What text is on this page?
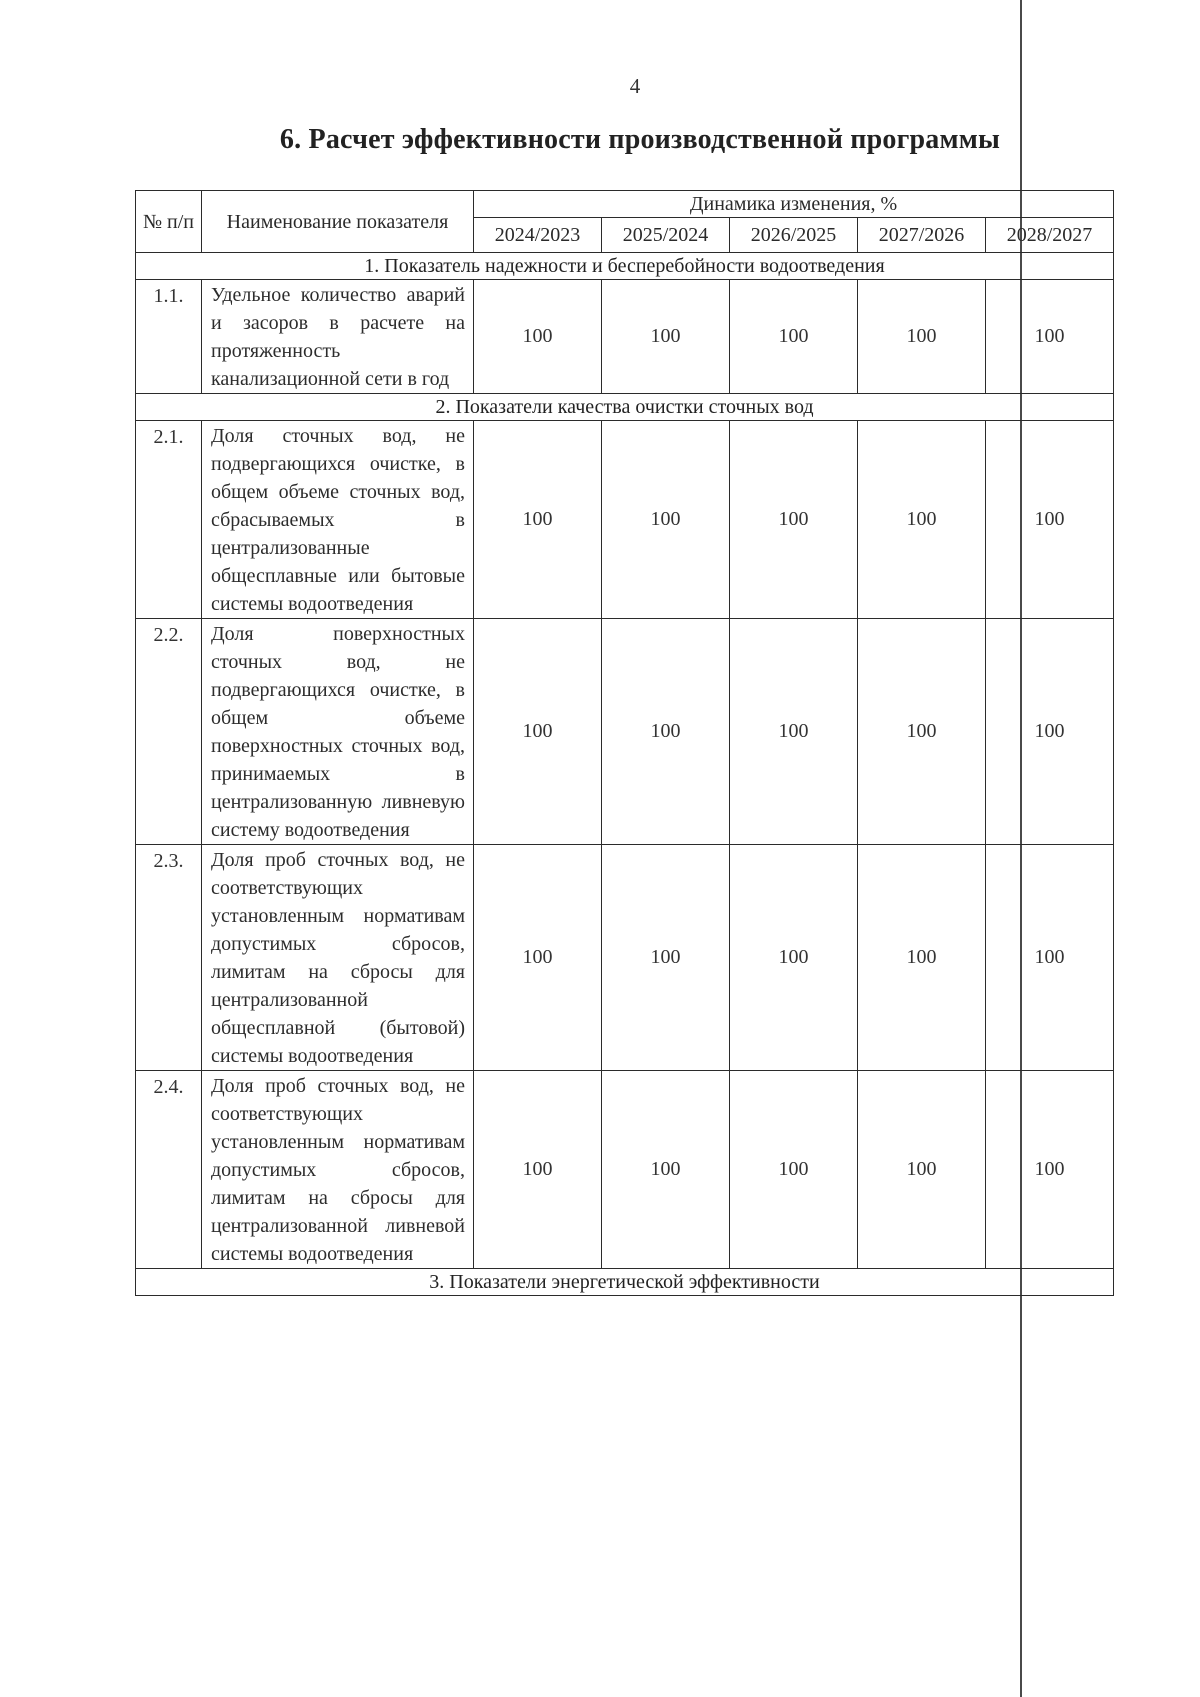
4
6. Расчет эффективности производственной программы
№ п/п	Наименование показателя	Динамика изменения, %				
		2024/2023	2025/2024	2026/2025	2027/2026	2028/2027
1. Показатель надежности и бесперебойности водоотведения						
1.1.	Удельное количество аварий и засоров в расчете на протяженность канализационной сети в год	100	100	100	100	100
2. Показатели качества очистки сточных вод						
2.1.	Доля сточных вод, не подвергающихся очистке, в общем объеме сточных вод, сбрасываемых в централизованные общесплавные или бытовые системы водоотведения	100	100	100	100	100
2.2.	Доля поверхностных сточных вод, не подвергающихся очистке, в общем объеме поверхностных сточных вод, принимаемых в централизованную ливневую систему водоотведения	100	100	100	100	100
2.3.	Доля проб сточных вод, не соответствующих установленным нормативам допустимых сбросов, лимитам на сбросы для централизованной общесплавной (бытовой) системы водоотведения	100	100	100	100	100
2.4.	Доля проб сточных вод, не соответствующих установленным нормативам допустимых сбросов, лимитам на сбросы для централизованной ливневой системы водоотведения	100	100	100	100	100
3. Показатели энергетической эффективности						
